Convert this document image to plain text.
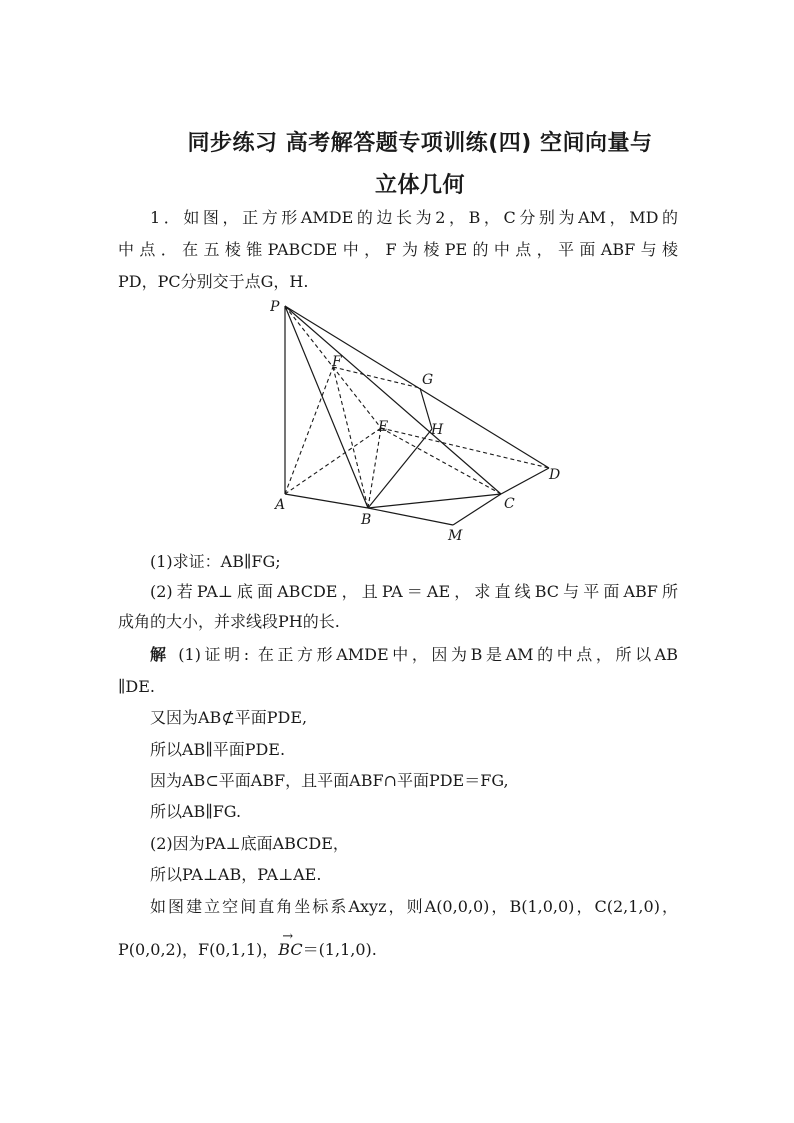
同步练习 高考解答题专项训练(四) 空间向量与
立体几何

1．如图，正方形AMDE的边长为2，B，C分别为AM，MD的

中点．在五棱锥PABCDE中，F为棱PE的中点，平面ABF与棱

PD，PC分别交于点G，H.

P
F
G
E	H
D
A
B
C
M

(1)求证：AB∥FG;

(2)若PA⊥底面ABCDE，且PA＝AE，求直线BC与平面ABF所

成角的大小，并求线段PH的长.

解 (1)证明: 在正方形AMDE中，因为B是AM的中点，所以AB

∥DE.

又因为AB⊄平面PDE,

所以AB∥平面PDE.

因为AB⊂平面ABF，且平面ABF∩平面PDE＝FG,

所以AB∥FG.

(2)因为PA⊥底面ABCDE，

所以PA⊥AB，PA⊥AE.

如图建立空间直角坐标系Axyz，则A(0,0,0)，B(1,0,0)，C(2,1,0)，

P(0,0,2)，F(0,1,1)，
→
BC＝(1,1,0).
